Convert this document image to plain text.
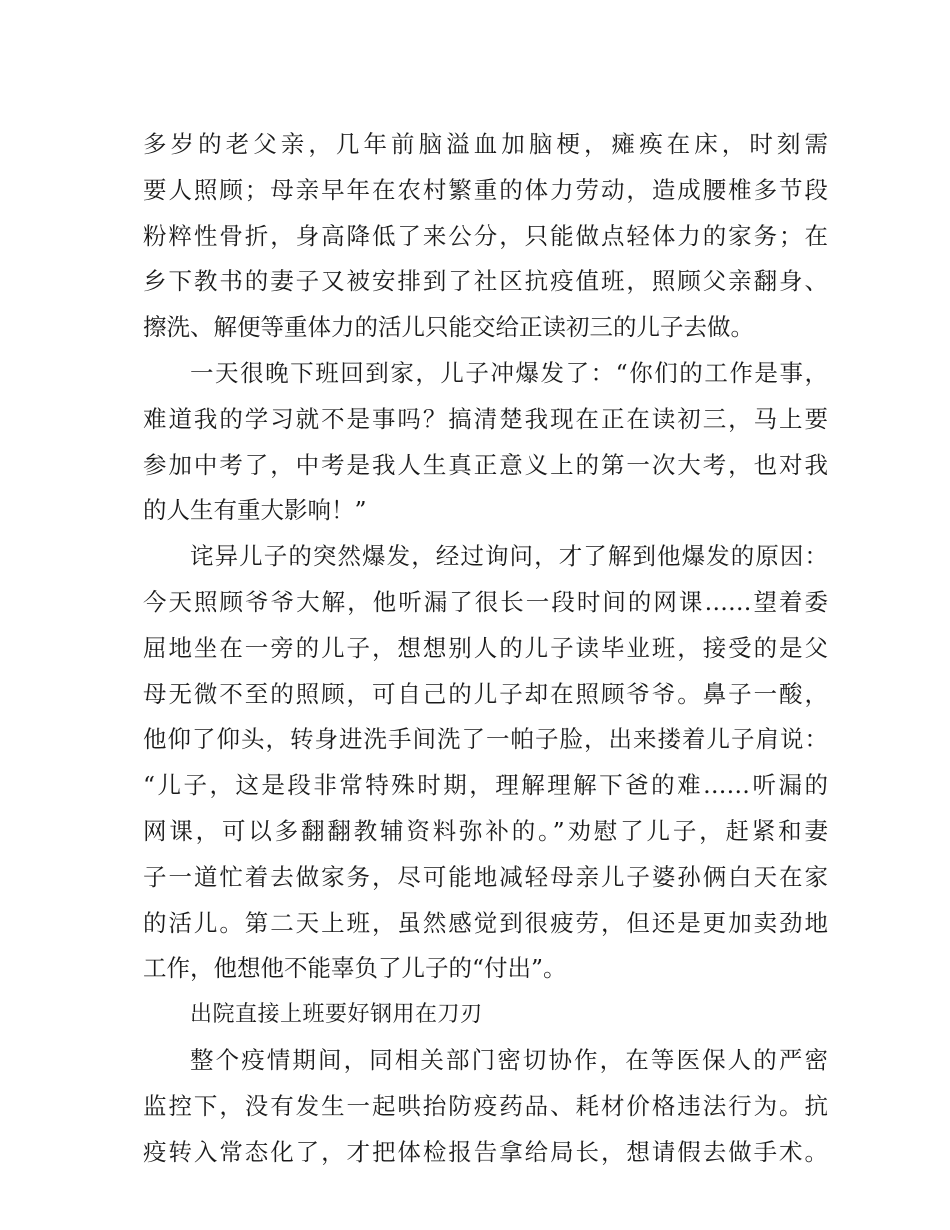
多岁的老父亲，几年前脑溢血加脑梗，瘫痪在床，时刻需
要人照顾；母亲早年在农村繁重的体力劳动，造成腰椎多节段
粉粹性骨折，身高降低了来公分，只能做点轻体力的家务；在
乡下教书的妻子又被安排到了社区抗疫值班，照顾父亲翻身、
擦洗、解便等重体力的活儿只能交给正读初三的儿子去做。
一天很晚下班回到家，儿子冲爆发了：“你们的工作是事，
难道我的学习就不是事吗？搞清楚我现在正在读初三，马上要
参加中考了，中考是我人生真正意义上的第一次大考，也对我
的人生有重大影响！”
诧异儿子的突然爆发，经过询问，才了解到他爆发的原因：
今天照顾爷爷大解，他听漏了很长一段时间的网课……望着委
屈地坐在一旁的儿子，想想别人的儿子读毕业班，接受的是父
母无微不至的照顾，可自己的儿子却在照顾爷爷。鼻子一酸，
他仰了仰头，转身进洗手间洗了一帕子脸，出来搂着儿子肩说：
“儿子，这是段非常特殊时期，理解理解下爸的难……听漏的
网课，可以多翻翻教辅资料弥补的。”劝慰了儿子，赶紧和妻
子一道忙着去做家务，尽可能地减轻母亲儿子婆孙俩白天在家
的活儿。第二天上班，虽然感觉到很疲劳，但还是更加卖劲地
工作，他想他不能辜负了儿子的“付出”。
出院直接上班要好钢用在刀刃
整个疫情期间，同相关部门密切协作，在等医保人的严密
监控下，没有发生一起哄抬防疫药品、耗材价格违法行为。抗
疫转入常态化了，才把体检报告拿给局长，想请假去做手术。
